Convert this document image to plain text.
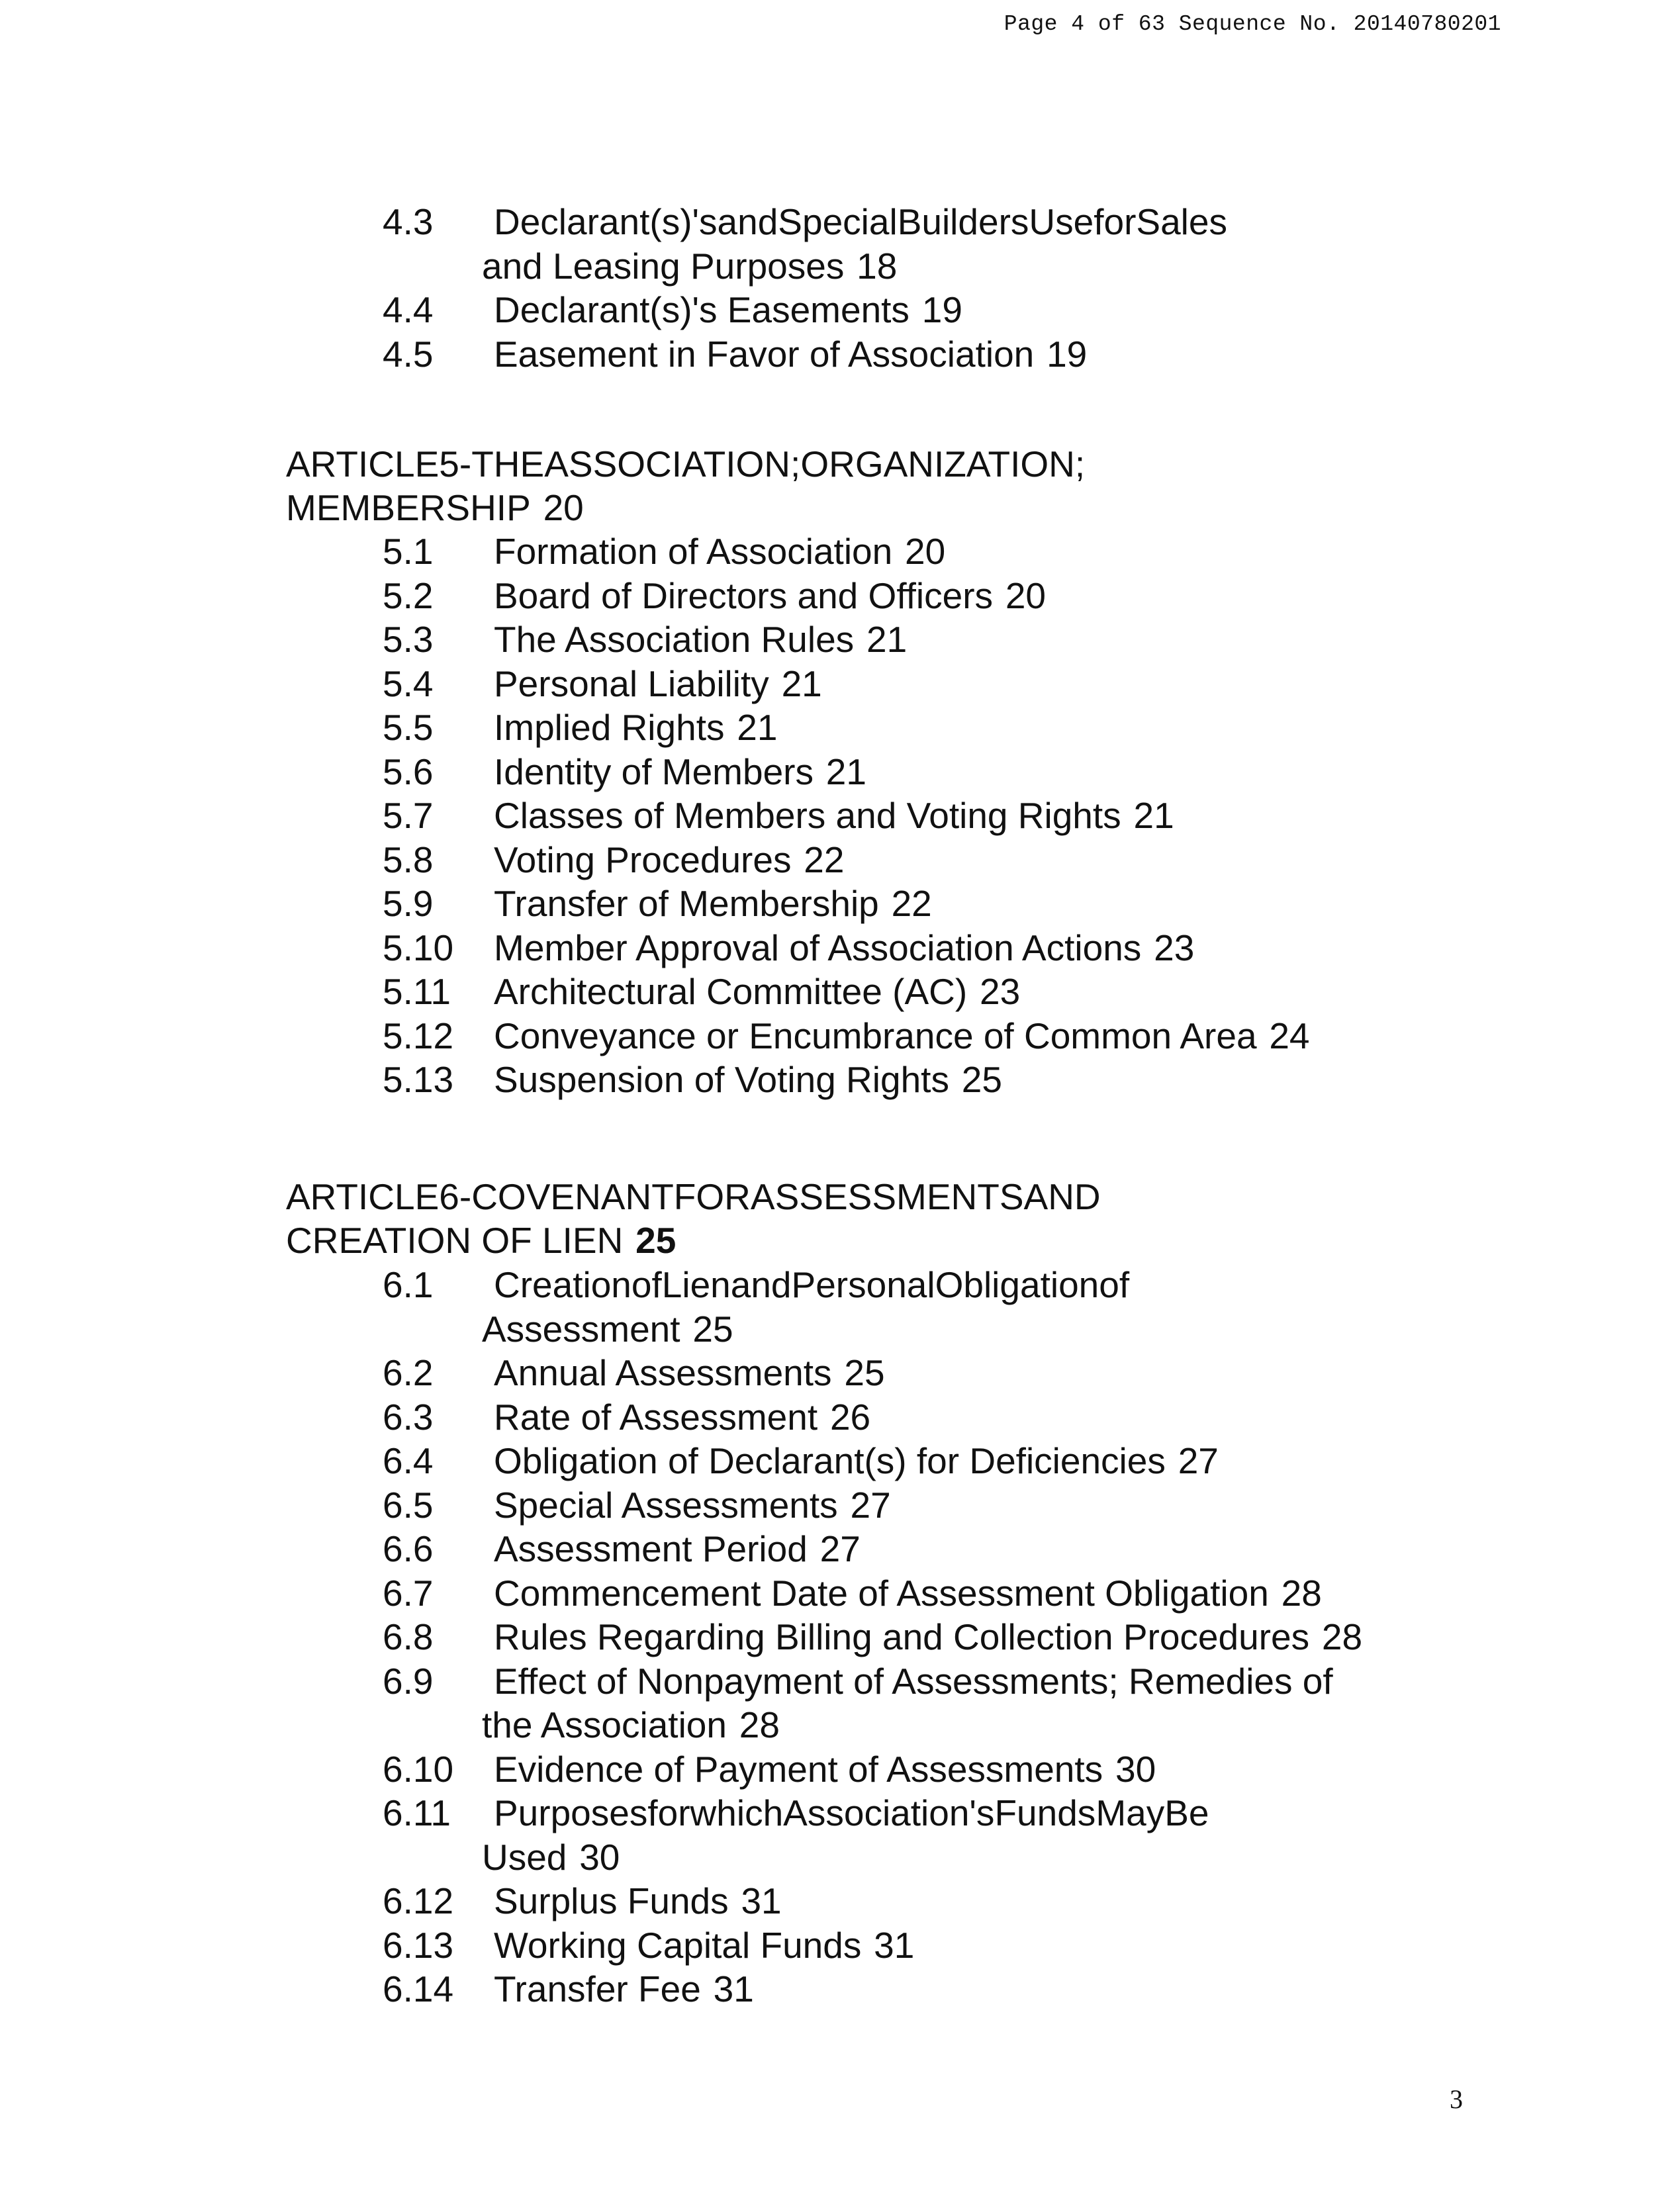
Page 4 of 63 Sequence No. 20140780201
4.3 Declarant(s)'s and Special Builders Use for Sales
and Leasing Purposes 18
4.4 Declarant(s)'s Easements 19
4.5 Easement in Favor of Association 19
ARTICLE 5 - THE ASSOCIATION; ORGANIZATION;
MEMBERSHIP 20
5.1 Formation of Association 20
5.2 Board of Directors and Officers 20
5.3 The Association Rules 21
5.4 Personal Liability 21
5.5 Implied Rights 21
5.6 Identity of Members 21
5.7 Classes of Members and Voting Rights 21
5.8 Voting Procedures 22
5.9 Transfer of Membership 22
5.10 Member Approval of Association Actions 23
5.11 Architectural Committee (AC) 23
5.12 Conveyance or Encumbrance of Common Area 24
5.13 Suspension of Voting Rights 25
ARTICLE 6 - COVENANT FOR ASSESSMENTS AND
CREATION OF LIEN 25
6.1 Creation of Lien and Personal Obligation of
Assessment 25
6.2 Annual Assessments 25
6.3 Rate of Assessment 26
6.4 Obligation of Declarant(s) for Deficiencies 27
6.5 Special Assessments 27
6.6 Assessment Period 27
6.7 Commencement Date of Assessment Obligation 28
6.8 Rules Regarding Billing and Collection Procedures 28
6.9 Effect of Nonpayment of Assessments; Remedies of
the Association 28
6.10 Evidence of Payment of Assessments 30
6.11 Purposes for which Association's Funds May Be
Used 30
6.12 Surplus Funds 31
6.13 Working Capital Funds 31
6.14 Transfer Fee 31
3
